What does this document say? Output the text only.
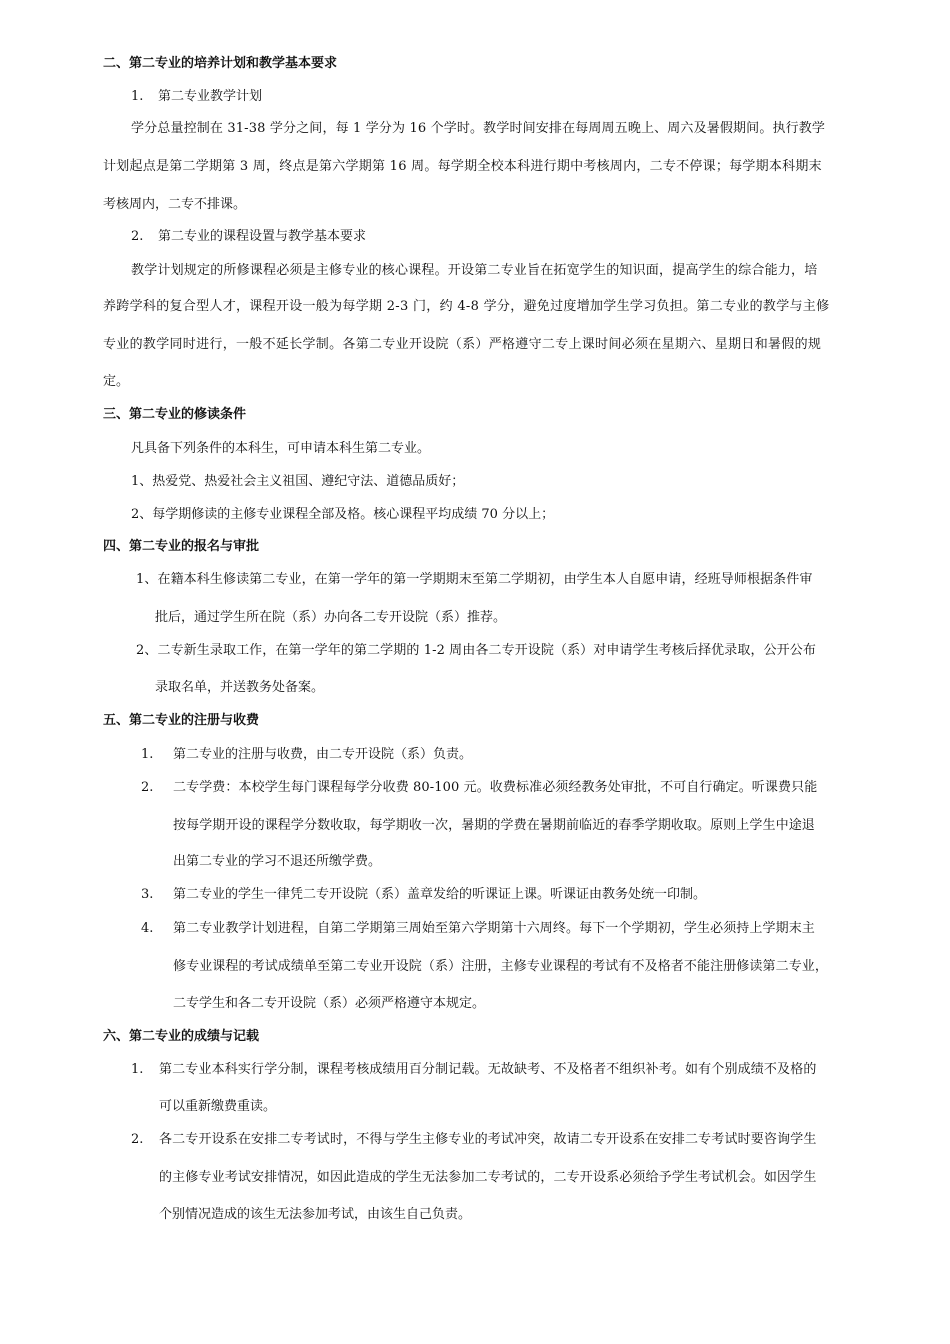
二、第二专业的培养计划和教学基本要求
1. 第二专业教学计划
学分总量控制在 31-38 学分之间，每 1 学分为 16 个学时。教学时间安排在每周周五晚上、周六及暑假期间。执行教学
计划起点是第二学期第 3 周，终点是第六学期第 16 周。每学期全校本科进行期中考核周内，二专不停课；每学期本科期末
考核周内，二专不排课。
2. 第二专业的课程设置与教学基本要求
教学计划规定的所修课程必须是主修专业的核心课程。开设第二专业旨在拓宽学生的知识面，提高学生的综合能力，培
养跨学科的复合型人才，课程开设一般为每学期 2-3 门，约 4-8 学分，避免过度增加学生学习负担。第二专业的教学与主修
专业的教学同时进行，一般不延长学制。各第二专业开设院（系）严格遵守二专上课时间必须在星期六、星期日和暑假的规
定。
三、第二专业的修读条件
凡具备下列条件的本科生，可申请本科生第二专业。
1、热爱党、热爱社会主义祖国、遵纪守法、道德品质好；
2、每学期修读的主修专业课程全部及格。核心课程平均成绩 70 分以上；
四、第二专业的报名与审批
1、在籍本科生修读第二专业，在第一学年的第一学期期末至第二学期初，由学生本人自愿申请，经班导师根据条件审
批后，通过学生所在院（系）办向各二专开设院（系）推荐。
2、二专新生录取工作，在第一学年的第二学期的 1-2 周由各二专开设院（系）对申请学生考核后择优录取，公开公布
录取名单，并送教务处备案。
五、第二专业的注册与收费
1. 第二专业的注册与收费，由二专开设院（系）负责。
2. 二专学费：本校学生每门课程每学分收费 80-100 元。收费标准必须经教务处审批，不可自行确定。听课费只能
按每学期开设的课程学分数收取，每学期收一次，暑期的学费在暑期前临近的春季学期收取。原则上学生中途退
出第二专业的学习不退还所缴学费。
3. 第二专业的学生一律凭二专开设院（系）盖章发给的听课证上课。听课证由教务处统一印制。
4. 第二专业教学计划进程，自第二学期第三周始至第六学期第十六周终。每下一个学期初，学生必须持上学期末主
修专业课程的考试成绩单至第二专业开设院（系）注册，主修专业课程的考试有不及格者不能注册修读第二专业，
二专学生和各二专开设院（系）必须严格遵守本规定。
六、第二专业的成绩与记载
1. 第二专业本科实行学分制，课程考核成绩用百分制记载。无故缺考、不及格者不组织补考。如有个别成绩不及格的
可以重新缴费重读。
2. 各二专开设系在安排二专考试时，不得与学生主修专业的考试冲突，故请二专开设系在安排二专考试时要咨询学生
的主修专业考试安排情况，如因此造成的学生无法参加二专考试的，二专开设系必须给予学生考试机会。如因学生
个别情况造成的该生无法参加考试，由该生自己负责。
